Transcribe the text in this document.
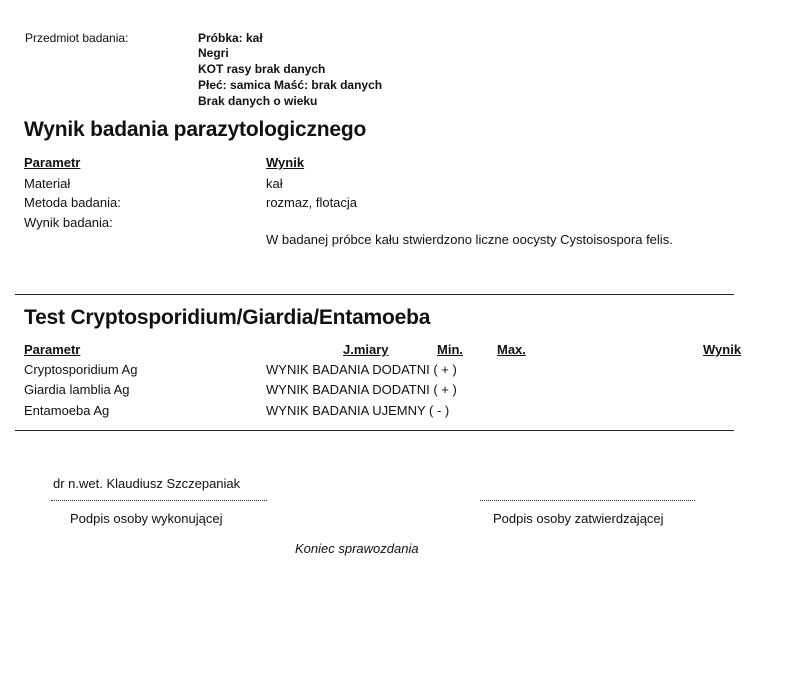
Przedmiot badania:	Próbka: kał
Negri
KOT rasy brak danych
Płeć: samica Maść: brak danych
Brak danych o wieku
Wynik badania parazytologicznego
Parametr	Wynik
Materiał	kał
Metoda badania:	rozmaz, flotacja
Wynik badania:
W badanej próbce kału stwierdzono liczne oocysty Cystoisospora felis.
Test Cryptosporidium/Giardia/Entamoeba
Parametr	J.miary	Min.	Max.	Wynik
Cryptosporidium Ag	WYNIK BADANIA DODATNI ( + )
Giardia lamblia Ag	WYNIK BADANIA DODATNI ( + )
Entamoeba Ag	WYNIK BADANIA UJEMNY ( - )
dr n.wet. Klaudiusz Szczepaniak
Podpis osoby wykonującej	Podpis osoby zatwierdzającej
Koniec sprawozdania
